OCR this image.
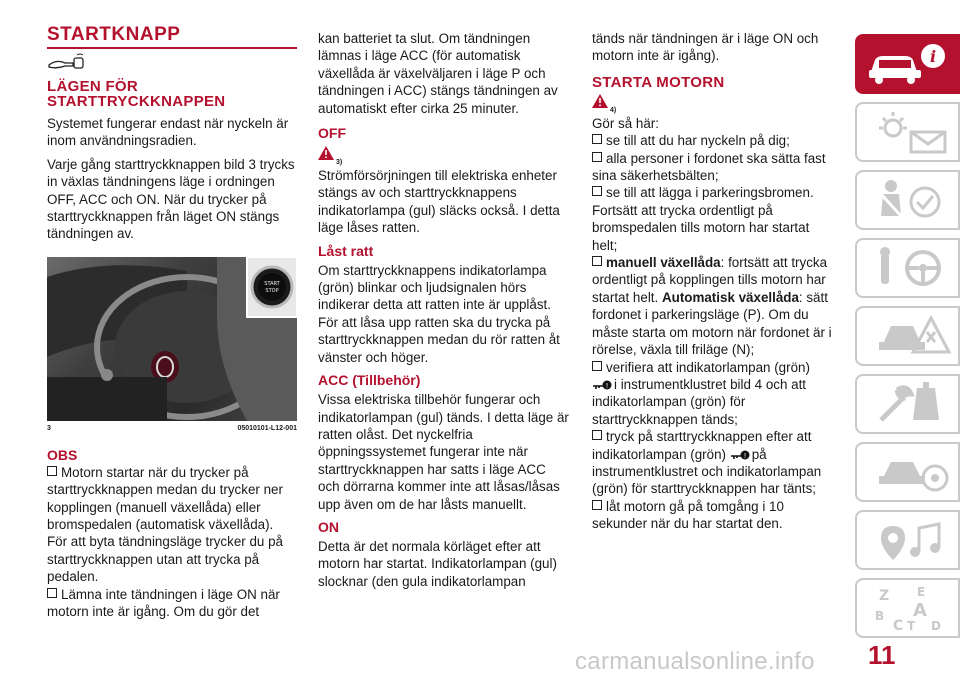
STARTKNAPP
LÄGEN FÖR STARTTRYCKKNAPPEN

Systemet fungerar endast när nyckeln är inom användningsradien.

Varje gång starttryckknappen bild 3 trycks in växlas tändningens läge i ordningen OFF, ACC och ON. När du trycker på starttryckknappen från läget ON stängs tändningen av.

START
STOP
3	05010101-L12-001
OBS

Motorn startar när du trycker på starttryckknappen medan du trycker ner kopplingen (manuell växellåda) eller bromspedalen (automatisk växellåda). För att byta tändningsläge trycker du på starttryckknappen utan att trycka på pedalen.

Lämna inte tändningen i läge ON när motorn inte är igång. Om du gör det

kan batteriet ta slut. Om tändningen lämnas i läge ACC (för automatisk växellåda är växelväljaren i läge P och tändningen i ACC) stängs tändningen av automatiskt efter cirka 25 minuter.

OFF
3)

Strömförsörjningen till elektriska enheter stängs av och starttryckknappens indikatorlampa (gul) släcks också. I detta läge låses ratten.

Låst ratt

Om starttryckknappens indikatorlampa (grön) blinkar och ljudsignalen hörs indikerar detta att ratten inte är upplåst. För att låsa upp ratten ska du trycka på starttryckknappen medan du rör ratten åt vänster och höger.

ACC (Tillbehör)

Vissa elektriska tillbehör fungerar och indikatorlampan (gul) tänds. I detta läge är ratten olåst. Det nyckelfria öppningssystemet fungerar inte när starttryckknappen har satts i läge ACC och dörrarna kommer inte att låsas/låsas upp även om de har låsts manuellt.

ON

Detta är det normala körläget efter att motorn har startat. Indikatorlampan (gul) slocknar (den gula indikatorlampan

tänds när tändningen är i läge ON och motorn inte är igång).

STARTA MOTORN
4)

Gör så här:

se till att du har nyckeln på dig;

alla personer i fordonet ska sätta fast sina säkerhetsbälten;

se till att lägga i parkeringsbromen. Fortsätt att trycka ordentligt på bromspedalen tills motorn har startat helt;

manuell växellåda: fortsätt att trycka ordentligt på kopplingen tills motorn har startat helt. Automatisk växellåda: sätt fordonet i parkeringsläge (P). Om du måste starta om motorn när fordonet är i rörelse, växla till friläge (N);

verifiera att indikatorlampan (grön)

! i instrumentklustret bild 4 och att indikatorlampan (grön) för starttryckknappen tänds;

tryck på starttryckknappen efter att indikatorlampan (grön) ! på instrumentklustret och indikatorlampan (grön) för starttryckknappen har tänts;

låt motorn gå på tomgång i 10 sekunder när du har startat den.

i
Z E
A
B
C T D
carmanualsonline.info 11
